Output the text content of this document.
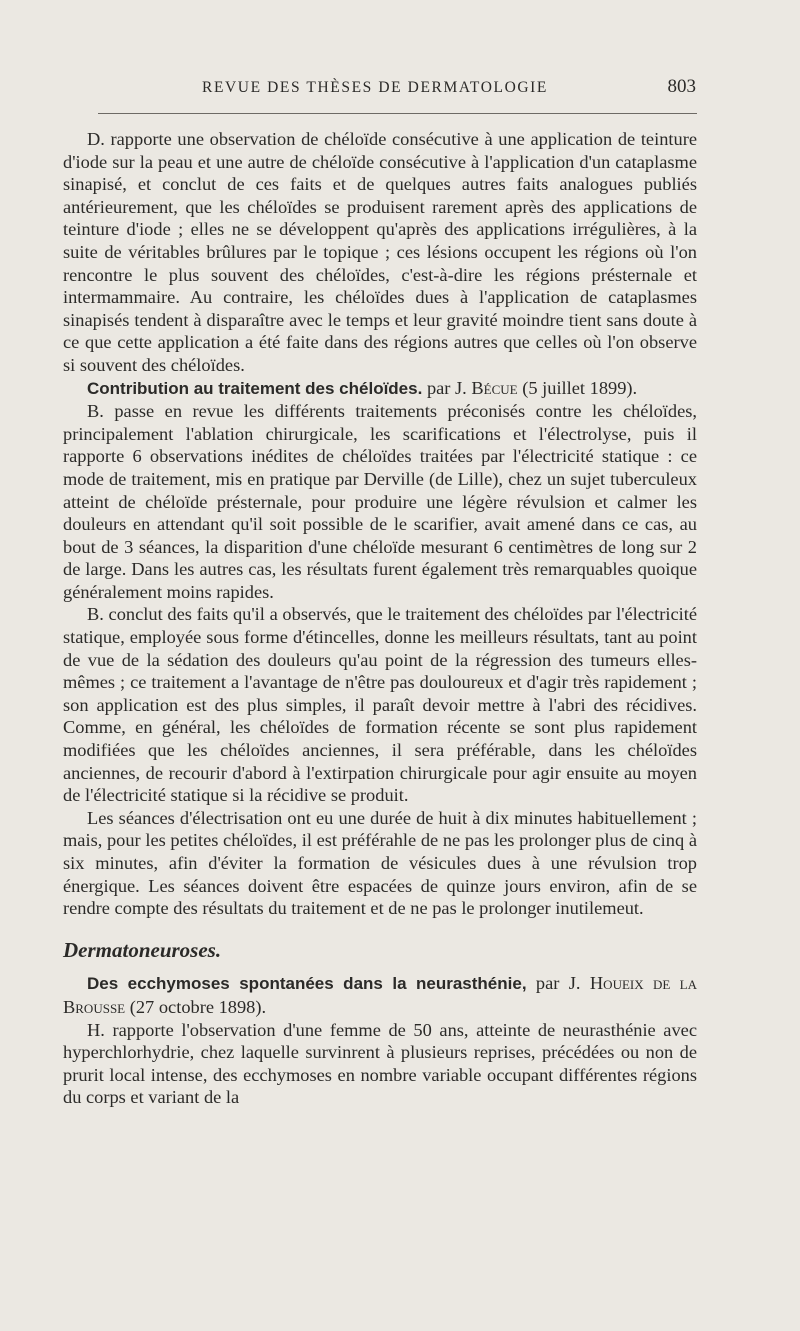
REVUE DES THÈSES DE DERMATOLOGIE	803

D. rapporte une observation de chéloïde consécutive à une application de teinture d'iode sur la peau et une autre de chéloïde consécutive à l'application d'un cataplasme sinapisé, et conclut de ces faits et de quelques autres faits analogues publiés antérieurement, que les chéloïdes se produisent rarement après des applications de teinture d'iode ; elles ne se développent qu'après des applications irrégulières, à la suite de véritables brûlures par le topique ; ces lésions occupent les régions où l'on rencontre le plus souvent des chéloïdes, c'est-à-dire les régions présternale et intermammaire. Au contraire, les chéloïdes dues à l'application de cataplasmes sinapisés tendent à disparaître avec le temps et leur gravité moindre tient sans doute à ce que cette application a été faite dans des régions autres que celles où l'on observe si souvent des chéloïdes.

Contribution au traitement des chéloïdes. par J. Bécue (5 juillet 1899).

B. passe en revue les différents traitements préconisés contre les chéloïdes, principalement l'ablation chirurgicale, les scarifications et l'électrolyse, puis il rapporte 6 observations inédites de chéloïdes traitées par l'électricité statique : ce mode de traitement, mis en pratique par Derville (de Lille), chez un sujet tuberculeux atteint de chéloïde présternale, pour produire une légère révulsion et calmer les douleurs en attendant qu'il soit possible de le scarifier, avait amené dans ce cas, au bout de 3 séances, la disparition d'une chéloïde mesurant 6 centimètres de long sur 2 de large. Dans les autres cas, les résultats furent également très remarquables quoique généralement moins rapides.

B. conclut des faits qu'il a observés, que le traitement des chéloïdes par l'électricité statique, employée sous forme d'étincelles, donne les meilleurs résultats, tant au point de vue de la sédation des douleurs qu'au point de la régression des tumeurs elles-mêmes ; ce traitement a l'avantage de n'être pas douloureux et d'agir très rapidement ; son application est des plus simples, il paraît devoir mettre à l'abri des récidives. Comme, en général, les chéloïdes de formation récente se sont plus rapidement modifiées que les chéloïdes anciennes, il sera préférable, dans les chéloïdes anciennes, de recourir d'abord à l'extirpation chirurgicale pour agir ensuite au moyen de l'électricité statique si la récidive se produit.

Les séances d'électrisation ont eu une durée de huit à dix minutes habituellement ; mais, pour les petites chéloïdes, il est préférahle de ne pas les prolonger plus de cinq à six minutes, afin d'éviter la formation de vésicules dues à une révulsion trop énergique. Les séances doivent être espacées de quinze jours environ, afin de se rendre compte des résultats du traitement et de ne pas le prolonger inutilemeut.

Dermatoneuroses.

Des ecchymoses spontanées dans la neurasthénie, par J. Houeix de la Brousse (27 octobre 1898).

H. rapporte l'observation d'une femme de 50 ans, atteinte de neurasthénie avec hyperchlorhydrie, chez laquelle survinrent à plusieurs reprises, précédées ou non de prurit local intense, des ecchymoses en nombre variable occupant différentes régions du corps et variant de la
